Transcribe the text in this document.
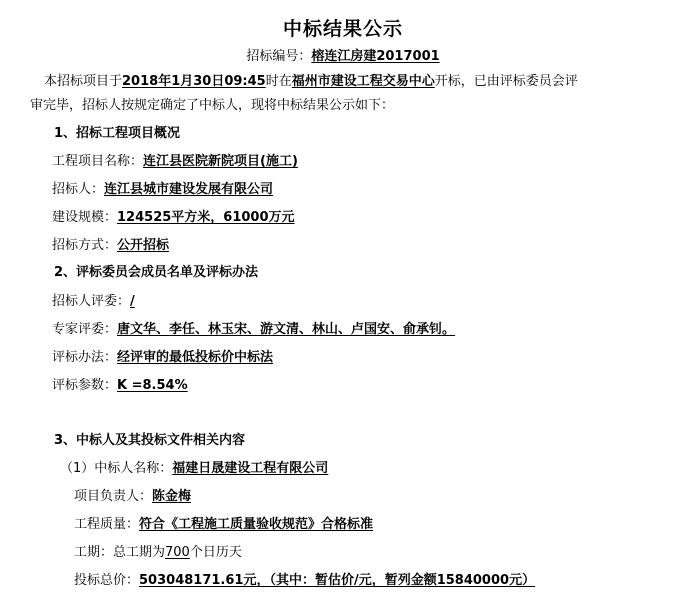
中标结果公示
招标编号：榕连江房建2017001
本招标项目于2018年1月30日09:45时在福州市建设工程交易中心开标，已由评标委员会评
审完毕，招标人按规定确定了中标人，现将中标结果公示如下：
1、招标工程项目概况
工程项目名称：连江县医院新院项目(施工)
招标人：连江县城市建设发展有限公司
建设规模：124525平方米，61000万元
招标方式：公开招标
2、评标委员会成员名单及评标办法
招标人评委：/
专家评委：唐文华、李任、林玉宋、游文清、林山、卢国安、俞承钊。
评标办法：经评审的最低投标价中标法
评标参数：K =8.54%
3、中标人及其投标文件相关内容
（1）中标人名称：福建日晟建设工程有限公司
项目负责人：陈金梅
工程质量：符合《工程施工质量验收规范》合格标准
工期：总工期为700个日历天
投标总价：503048171.61元，（其中：暂估价/元，暂列金额15840000元）
